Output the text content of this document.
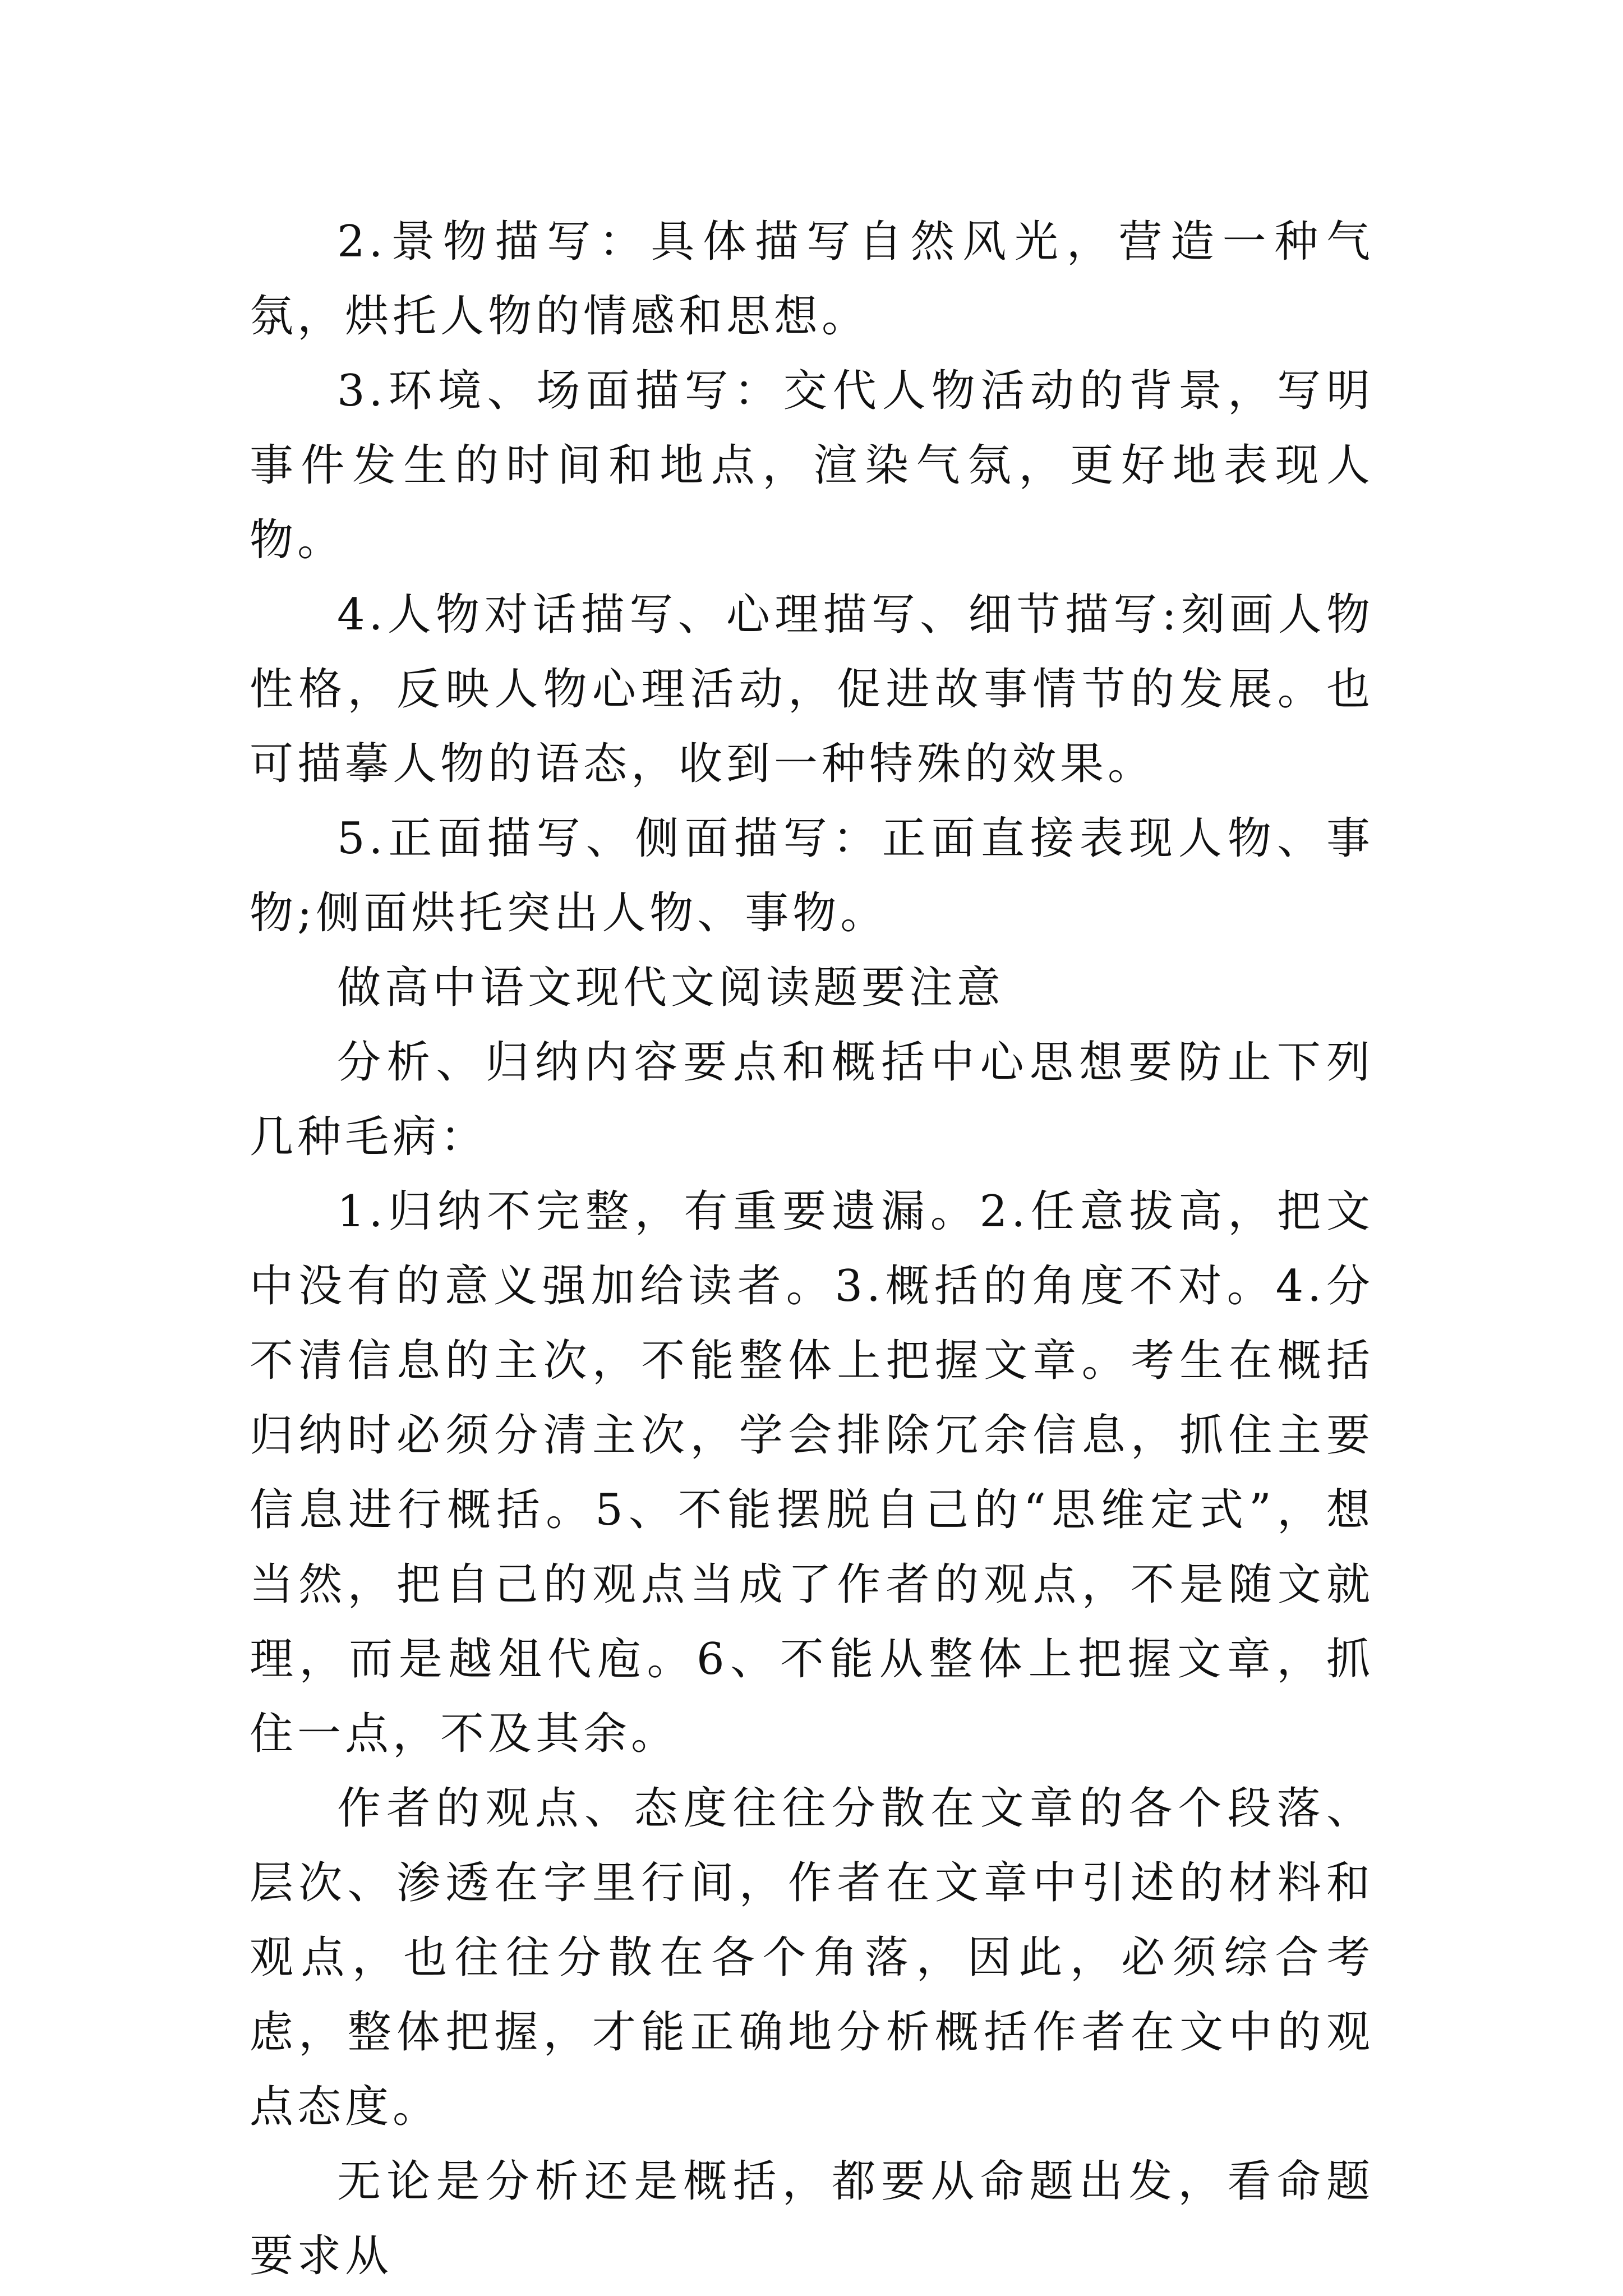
2.景物描写：具体描写自然风光，营造一种气氛，烘托人物的情感和思想。

3.环境、场面描写：交代人物活动的背景，写明事件发生的时间和地点，渲染气氛，更好地表现人物。

4.人物对话描写、心理描写、细节描写:刻画人物性格，反映人物心理活动，促进故事情节的发展。也可描摹人物的语态，收到一种特殊的效果。

5.正面描写、侧面描写：正面直接表现人物、事物;侧面烘托突出人物、事物。

做高中语文现代文阅读题要注意

分析、归纳内容要点和概括中心思想要防止下列几种毛病：

1.归纳不完整，有重要遗漏。2.任意拔高，把文中没有的意义强加给读者。3.概括的角度不对。4.分不清信息的主次，不能整体上把握文章。考生在概括归纳时必须分清主次，学会排除冗余信息，抓住主要信息进行概括。5、不能摆脱自己的“思维定式”，想当然，把自己的观点当成了作者的观点，不是随文就理，而是越俎代庖。6、不能从整体上把握文章，抓住一点，不及其余。

作者的观点、态度往往分散在文章的各个段落、层次、渗透在字里行间，作者在文章中引述的材料和观点，也往往分散在各个角落，因此，必须综合考虑，整体把握，才能正确地分析概括作者在文中的观点态度。

无论是分析还是概括，都要从命题出发，看命题要求从
